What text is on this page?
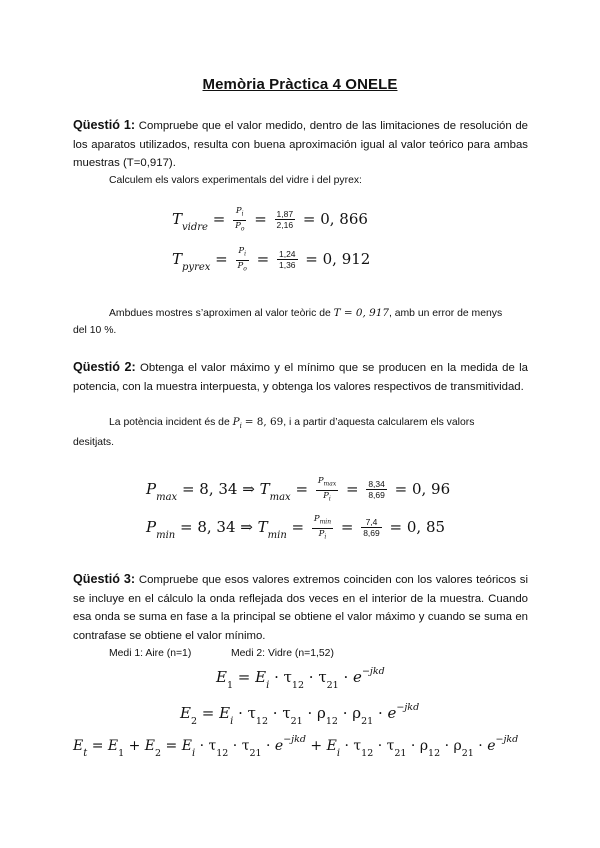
Memòria Pràctica 4 ONELE
Qüestió 1: Compruebe que el valor medido, dentro de las limitaciones de resolución de los aparatos utilizados, resulta con buena aproximación igual al valor teórico para ambas muestras (T=0,917).
Calculem els valors experimentals del vidre i del pyrex:
$T_{vidre} = \frac{P_i}{P_o} = \frac{1,87}{2,16} = 0$, 866
$T_{pyrex} = \frac{P_i}{P_o} = \frac{1,24}{1,36} = 0$, 912
Ambdues mostres s’aproximen al valor teòric de T = 0, 917, amb un error de menys
del 10 %.
Qüestió 2: Obtenga el valor máximo y el mínimo que se producen en la medida de la potencia, con la muestra interpuesta, y obtenga los valores respectivos de transmitividad.
La potència incident és de $P_i = 8$, 69, i a partir d’aquesta calcularem els valors
desitjats.
$P_{max} = 8$, 34 ⇒ $T_{max} = \frac{P_{max}}{P_i} = \frac{8,34}{8,69} = 0$, 96
$P_{min} = 8$, 34 ⇒ $T_{min} = \frac{P_{min}}{P_i} = \frac{7,4}{8,69} = 0$, 85
Qüestió 3: Compruebe que esos valores extremos coinciden con los valores teóricos si se incluye en el cálculo la onda reflejada dos veces en el interior de la muestra. Cuando esa onda se suma en fase a la principal se obtiene el valor máximo y cuando se suma en contrafase se obtiene el valor mínimo.
Medi 1: Aire (n=1)	Medi 2: Vidre (n=1,52)
$E_1 = E_i \cdot \tau_{12} \cdot \tau_{21} \cdot e^{-jkd}$
$E_2 = E_i \cdot \tau_{12} \cdot \tau_{21} \cdot \rho_{12} \cdot \rho_{21} \cdot e^{-jkd}$
$E_t = E_1 + E_2 = E_i \cdot \tau_{12} \cdot \tau_{21} \cdot e^{-jkd} + E_i \cdot \tau_{12} \cdot \tau_{21} \cdot \rho_{12} \cdot \rho_{21} \cdot e^{-jkd}$
